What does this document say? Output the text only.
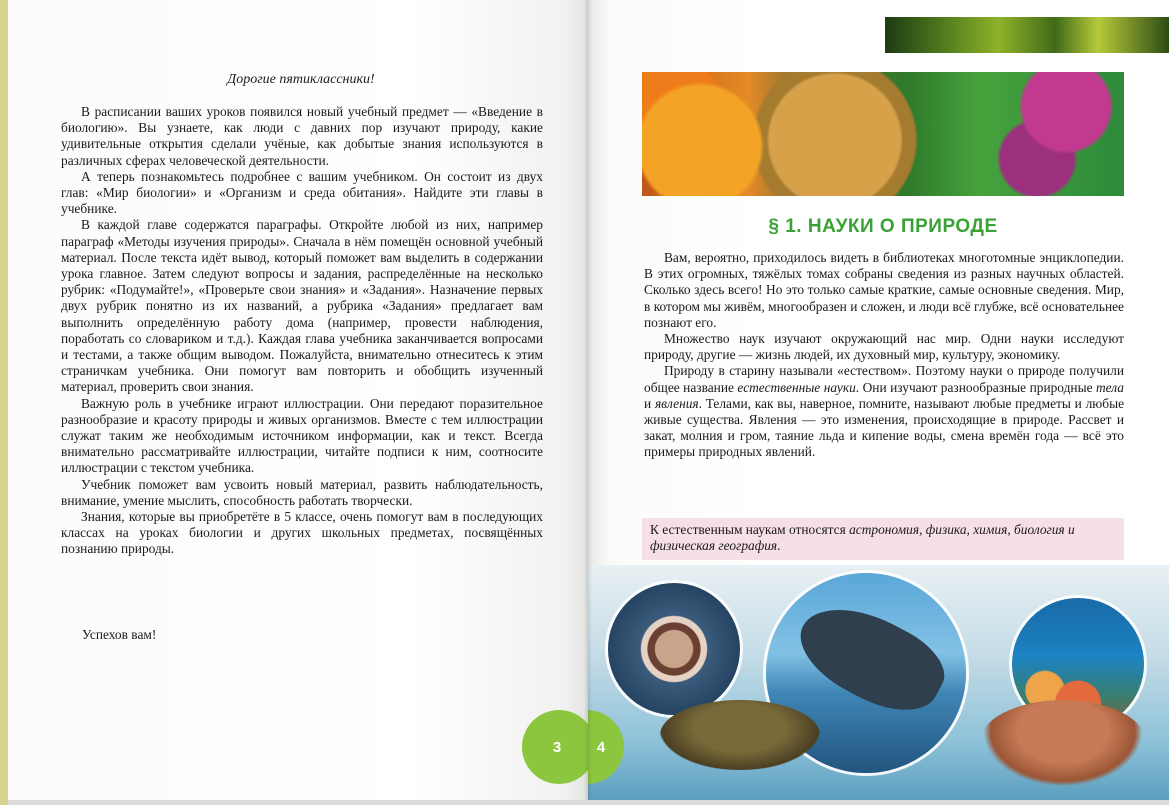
Дорогие пятиклассники!

В расписании ваших уроков появился новый учебный предмет — «Введение в биологию». Вы узнаете, как люди с давних пор изучают природу, какие удивительные открытия сделали учёные, как добытые знания используются в различных сферах человеческой деятельности.

А теперь познакомьтесь подробнее с вашим учебником. Он состоит из двух глав: «Мир биологии» и «Организм и среда обитания». Найдите эти главы в учебнике.

В каждой главе содержатся параграфы. Откройте любой из них, например параграф «Методы изучения природы». Сначала в нём помещён основной учебный материал. После текста идёт вывод, который поможет вам выделить в содержании урока главное. Затем следуют вопросы и задания, распределённые на несколько рубрик: «Подумайте!», «Проверьте свои знания» и «Задания». Назначение первых двух рубрик понятно из их названий, а рубрика «Задания» предлагает вам выполнить определённую работу дома (например, провести наблюдения, поработать со словариком и т.д.). Каждая глава учебника заканчивается вопросами и тестами, а также общим выводом. Пожалуйста, внимательно отнеситесь к этим страничкам учебника. Они помогут вам повторить и обобщить изученный материал, проверить свои знания.

Важную роль в учебнике играют иллюстрации. Они передают поразительное разнообразие и красоту природы и живых организмов. Вместе с тем иллюстрации служат таким же необходимым источником информации, как и текст. Всегда внимательно рассматривайте иллюстрации, читайте подписи к ним, соотносите иллюстрации с текстом учебника.

Учебник поможет вам усвоить новый материал, развить наблюдательность, внимание, умение мыслить, способность работать творчески.

Знания, которые вы приобретёте в 5 классе, очень помогут вам в последующих классах на уроках биологии и других школьных предметах, посвящённых познанию природы.

Успехов вам!
3
§ 1. НАУКИ О ПРИРОДЕ

Вам, вероятно, приходилось видеть в библиотеках многотомные энциклопедии. В этих огромных, тяжёлых томах собраны сведения из разных научных областей. Сколько здесь всего! Но это только самые краткие, самые основные сведения. Мир, в котором мы живём, многообразен и сложен, и люди всё глубже, всё основательнее познают его.

Множество наук изучают окружающий нас мир. Одни науки исследуют природу, другие — жизнь людей, их духовный мир, культуру, экономику.

Природу в старину называли «естеством». Поэтому науки о природе получили общее название естественные науки. Они изучают разнообразные природные тела и явления. Телами, как вы, наверное, помните, называют любые предметы и любые живые существа. Явления — это изменения, происходящие в природе. Рассвет и закат, молния и гром, таяние льда и кипение воды, смена времён года — всё это примеры природных явлений.

К естественным наукам относятся астрономия, физика, химия, биология и физическая география.
4
